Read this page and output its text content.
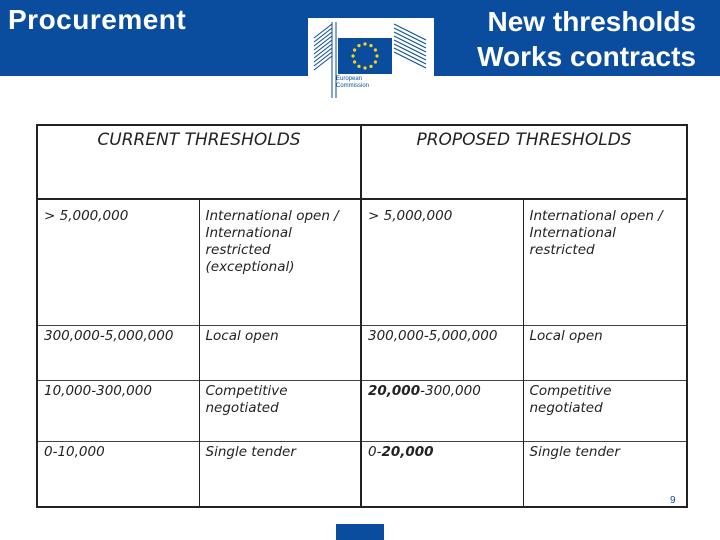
Procurement	New thresholds
Works contracts
European
Commission
CURRENT THRESHOLDS		PROPOSED THRESHOLDS	
> 5,000,000	International open / International restricted (exceptional)	> 5,000,000	International open / International restricted
300,000-5,000,000	Local open	300,000-5,000,000	Local open
10,000-300,000	Competitive negotiated	20,000-300,000	Competitive negotiated
0-10,000	Single tender	0-20,000	Single tender
9
